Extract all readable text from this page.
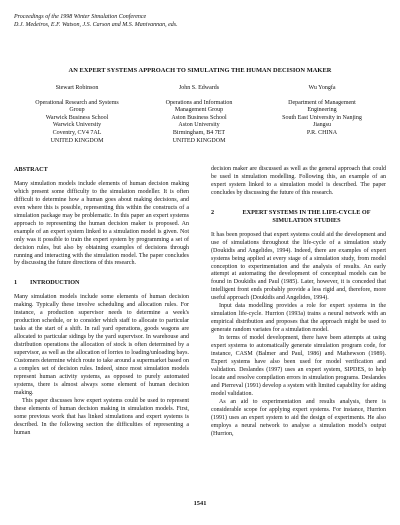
Proceedings of the 1998 Winter Simulation Conference
D.J. Medeiros, E.F. Watson, J.S. Carson and M.S. Manivannan, eds.
AN EXPERT SYSTEMS APPROACH TO SIMULATING THE HUMAN DECISION MAKER
Stewart Robinson
Operational Research and Systems
Group
Warwick Business School
Warwick University
Coventry, CV4 7AL
UNITED KINGDOM
John S. Edwards
Operations and Information
Management Group
Aston Business School
Aston University
Birmingham, B4 7ET
UNITED KINGDOM
Wu Yongfa
Department of Management
Engineering
South East University in Nanjing
Jiangsu
P.R. CHINA
ABSTRACT

Many simulation models include elements of human decision making which present some difficulty to the simulation modeller. It is often difficult to determine how a human goes about making decisions, and even where this is possible, representing this within the constructs of a simulation package may be problematic. In this paper an expert systems approach to representing the human decision maker is proposed. An example of an expert system linked to a simulation model is given. Not only was it possible to train the expert system by programming a set of decision rules, but also by obtaining examples of decisions through running and interacting with the simulation model. The paper concludes by discussing the future directions of this research.

1	INTRODUCTION

Many simulation models include some elements of human decision making. Typically these involve scheduling and allocation rules. For instance, a production supervisor needs to determine a week's production schedule, or to consider which staff to allocate to particular tasks at the start of a shift. In rail yard operations, goods wagons are allocated to particular sidings by the yard supervisor. In warehouse and distribution operations the allocation of stock is often determined by a supervisor, as well as the allocation of lorries to loading/unloading bays. Customers determine which route to take around a supermarket based on a complex set of decision rules. Indeed, since most simulation models represent human activity systems, as opposed to purely automated systems, there is almost always some element of human decision making.

This paper discusses how expert systems could be used to represent these elements of human decision making in simulation models. First, some previous work that has linked simulations and expert systems is described. In the following section the difficulties of representing a human

decision maker are discussed as well as the general approach that could be used in simulation modelling. Following this, an example of an expert system linked to a simulation model is described. The paper concludes by discussing the future of this research.

2	EXPERT SYSTEMS IN THE LIFE-CYCLE OF SIMULATION STUDIES

It has been proposed that expert systems could aid the development and use of simulations throughout the life-cycle of a simulation study (Doukidis and Angelides, 1994). Indeed, there are examples of expert systems being applied at every stage of a simulation study, from model conception to experimentation and the analysis of results. An early attempt at automating the development of conceptual models can be found in Doukidis and Paul (1985). Later, however, it is conceded that intelligent front ends probably provide a less rigid and, therefore, more useful approach (Doukidis and Angelides, 1994).

Input data modelling provides a role for expert systems in the simulation life-cycle. Hurrion (1993a) trains a neural network with an empirical distribution and proposes that the approach might be used to generate random variates for a simulation model.

In terms of model development, there have been attempts at using expert systems to automatically generate simulation program code, for instance, CASM (Balmer and Paul, 1986) and Mathewson (1989). Expert systems have also been used for model verification and validation. Deslandes (1997) uses an expert system, SIPDES, to help locate and resolve compilation errors in simulation programs. Deslandes and Pierreval (1991) develop a system with limited capability for aiding model validation.

As an aid to experimentation and results analysis, there is considerable scope for applying expert systems. For instance, Hurrion (1991) uses an expert system to aid the design of experiments. He also employs a neural network to analyse a simulation model's output (Hurrion,

1541
